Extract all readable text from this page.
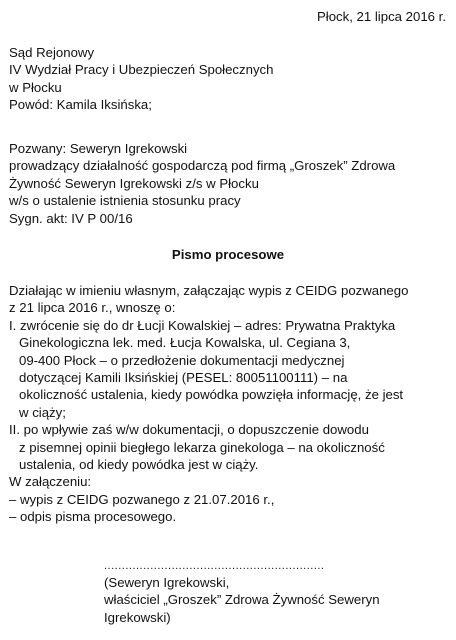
Płock, 21 lipca 2016 r.
Sąd Rejonowy
IV Wydział Pracy i Ubezpieczeń Społecznych
w Płocku
Powód: Kamila Iksińska;
Pozwany: Seweryn Igrekowski
prowadzący działalność gospodarczą pod firmą „Groszek” Zdrowa
Żywność Seweryn Igrekowski z/s w Płocku
w/s o ustalenie istnienia stosunku pracy
Sygn. akt: IV P 00/16
Pismo procesowe
Działając w imieniu własnym, załączając wypis z CEIDG pozwanego
z 21 lipca 2016 r., wnoszę o:
I. zwrócenie się do dr Łucji Kowalskiej – adres: Prywatna Praktyka
Ginekologiczna lek. med. Łucja Kowalska, ul. Cegiana 3,
09-400 Płock – o przedłożenie dokumentacji medycznej
dotyczącej Kamili Iksińskiej (PESEL: 80051100111) – na
okoliczność ustalenia, kiedy powódka powzięła informację, że jest
w ciąży;
II. po wpływie zaś w/w dokumentacji, o dopuszczenie dowodu
z pisemnej opinii biegłego lekarza ginekologa – na okoliczność
ustalenia, od kiedy powódka jest w ciąży.
W załączeniu:
– wypis z CEIDG pozwanego z 21.07.2016 r.,
– odpis pisma procesowego.
..............................................................
(Seweryn Igrekowski,
właściciel „Groszek” Zdrowa Żywność Seweryn
Igrekowski)
